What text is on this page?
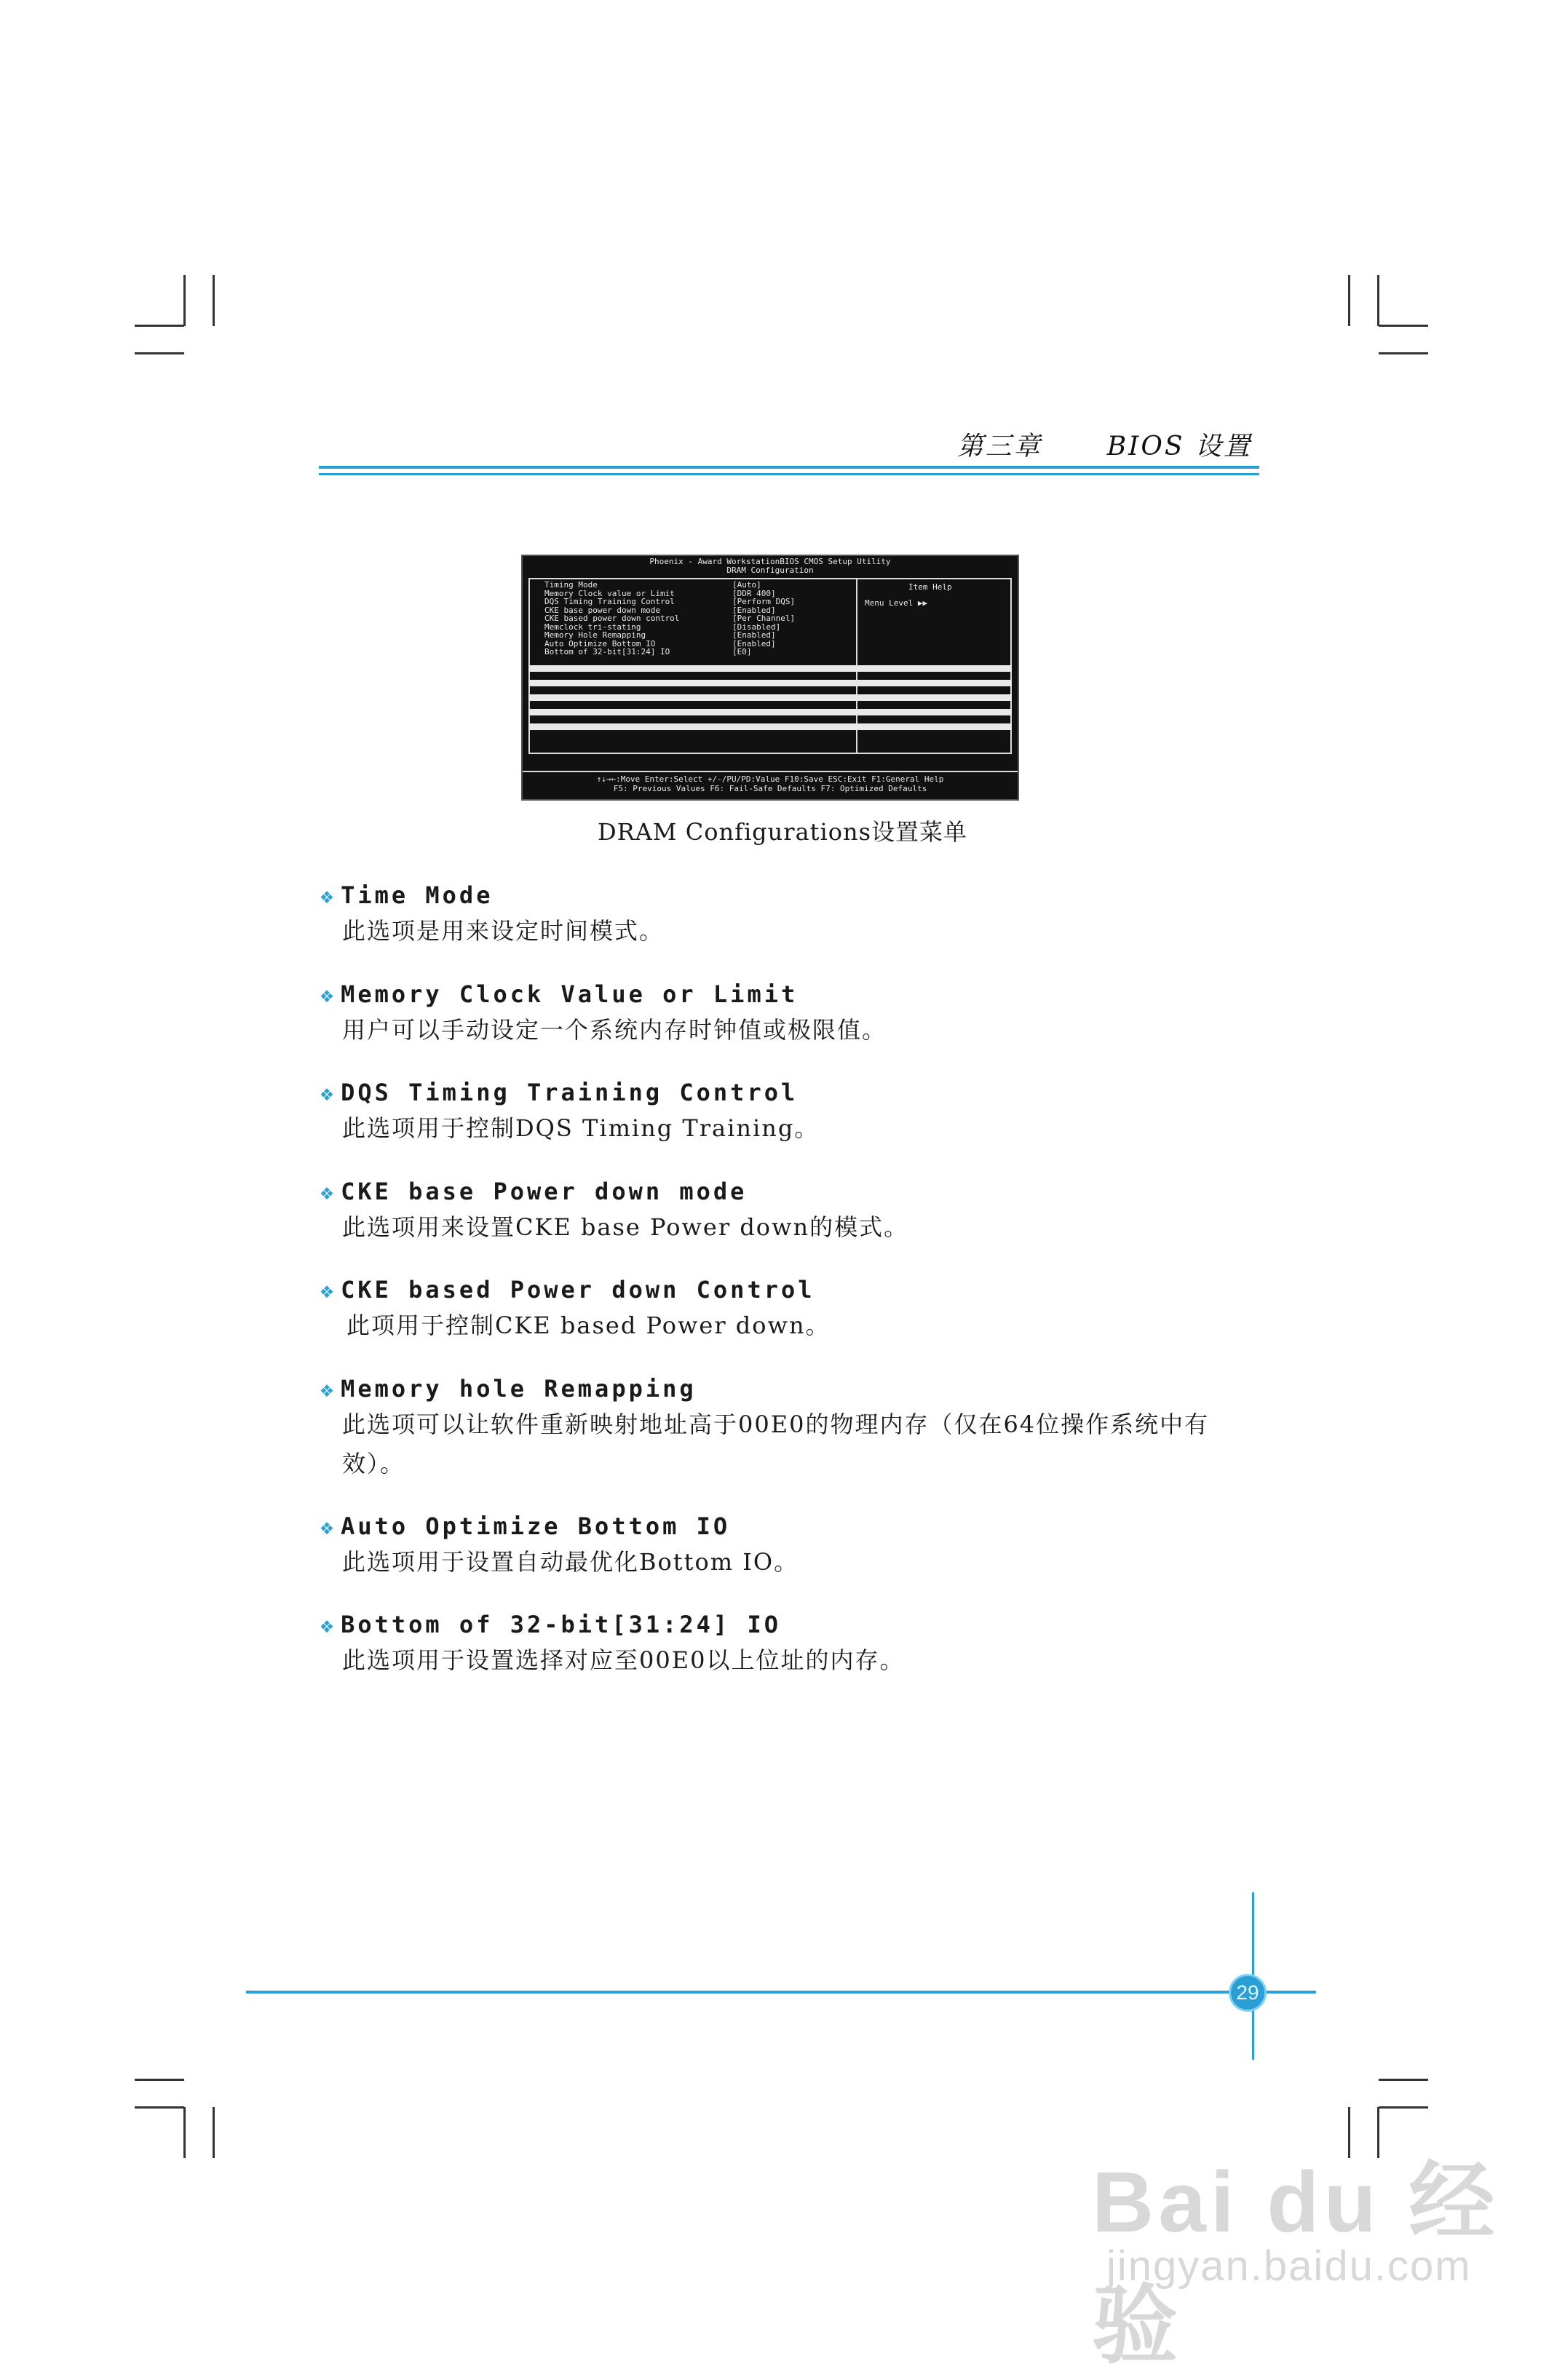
第三章 BIOS 设置
Phoenix - Award WorkstationBIOS CMOS Setup Utility
DRAM Configuration
Timing Mode	[Auto]
Memory Clock value or Limit	[DDR 400]
DQS Timing Training Control	[Perform DQS]
CKE base power down mode	[Enabled]
CKE based power down control	[Per Channel]
Memclock tri-stating	[Disabled]
Memory Hole Remapping	[Enabled]
Auto Optimize Bottom IO	[Enabled]
Bottom of 32-bit[31:24] IO	[E0]
Item Help
Menu Level ▶▶
↑↓→←:Move Enter:Select +/-/PU/PD:Value F10:Save ESC:Exit F1:General Help
F5: Previous Values F6: Fail-Safe Defaults F7: Optimized Defaults
DRAM Configurations设置菜单
❖ Time Mode
此选项是用来设定时间模式。
❖ Memory Clock Value or Limit
用户可以手动设定一个系统内存时钟值或极限值。
❖ DQS Timing Training Control
此选项用于控制DQS Timing Training。
❖ CKE base Power down mode
此选项用来设置CKE base Power down的模式。
❖ CKE based Power down Control
此项用于控制CKE based Power down。
❖ Memory hole Remapping
此选项可以让软件重新映射地址高于00E0的物理内存（仅在64位操作系统中有效）。
❖ Auto Optimize Bottom IO
此选项用于设置自动最优化Bottom IO。
❖ Bottom of 32-bit[31:24] IO
此选项用于设置选择对应至00E0以上位址的内存。
29
Bai du 经验
jingyan.baidu.com
